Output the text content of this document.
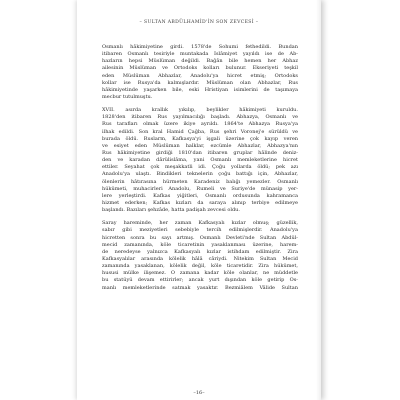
– SULTAN ABDÜLHAMİD'İN SON ZEVCESİ –
Osmanlı hâkimiyetine girdi. 1578'de Sohumi fethedildi. Bundan
itibaren Osmanlı tesiriyle muntakada İslâmiyet yayıldı ise de Ab-
hazların hepsi Müslüman değildi. Bağân bile hemen her Abhaz
ailesinin Müslüman ve Ortodoks kolları bulunur. Ekseriyeti teşkil
eden Müslüman Abhazlar, Anadolu'ya hicret etmiş; Ortodoks
kollar ise Rusya'da kalmışlardır. Müslüman olan Abhazlar, Rus
hâkimiyetinde yaşarken bile, eski Hristiyan isimlerini de taşımaya
mecbur tutulmuştu.
XVII. asırda krallık yıkılıp, beylikler hâkimiyeti kuruldu.
1828'den itibaren Rus yayılmacılığı başladı. Abhazya, Osmanlı ve
Rus tarafları olmak üzere ikiye ayrıldı. 1864'te Abhazya Rusya'ya
ilhak edildi. Son kral Hamid Çağba, Rus şehri Voronej'e sürüldü ve
burada öldü. Ruslarm, Kafkasya'yi işgali üzerine çok kayıp veren
ve esiyet eden Müslüman halklar, ezcümle Abhazlar, Abhazya'nın
Rus hâkimiyetine girdiği 1810'dan itibaren gruplar hâlinde deniz-
den ve karadan dârülislâma, yani Osmanlı memleketlerine hicret
ettiler. Seyahat çok meşakkatli idi. Çoğu yollarda öldü; pek azı
Anadolu'ya ulaştı. Bindikleri teknelerin çoğu battığı için, Abhazlar,
ölenlerin hâtırasına hürmeten Karadeniz balığı yemezler. Osmanlı
hükümeti, muhacirleri Anadolu, Rumeli ve Suriye'de münasip yer-
lere yerleştirdi. Kafkas yiğitleri, Osmanlı ordusunda kahramanca
hizmet ederken; Kafkas kızları da saraya alınıp terbiye edilmeye
başlandı. Bazıları şehzâde, hatta padişah zevcesi oldu.
Saray hareminde, her zaman Kafkasyalı kızlar olmuş; güzellik,
sabır gibi meziyetleri sebebiyle tercih edilmişlerdir. Anadolu'ya
hicretten sonra bu sayı artmış. Osmanlı Devleti'nde Sultan Abdül-
mecid zamanında, köle ticaretinin yasaklanması üzerine, harem-
de neredeyse yalnızca Kafkasyalı kızlar istihdam edilmiştir. Zira
Kafkasyalılar arasında kölelik hâlâ câriydi. Nitekim Sultan Mecid
zamanında yasaklanan, kölelik değil, köle ticaretidir. Zira hükümet,
hususi mülke ilişemez. O zamana kadar köle olanlar, ne müddetle
bu statüyü devam ettirirler; ancak yurt dışından köle getirip Os-
manlı memleketlerinde satmak yasaktır. Bezmiâlem Vâlide Sultan
–16–
